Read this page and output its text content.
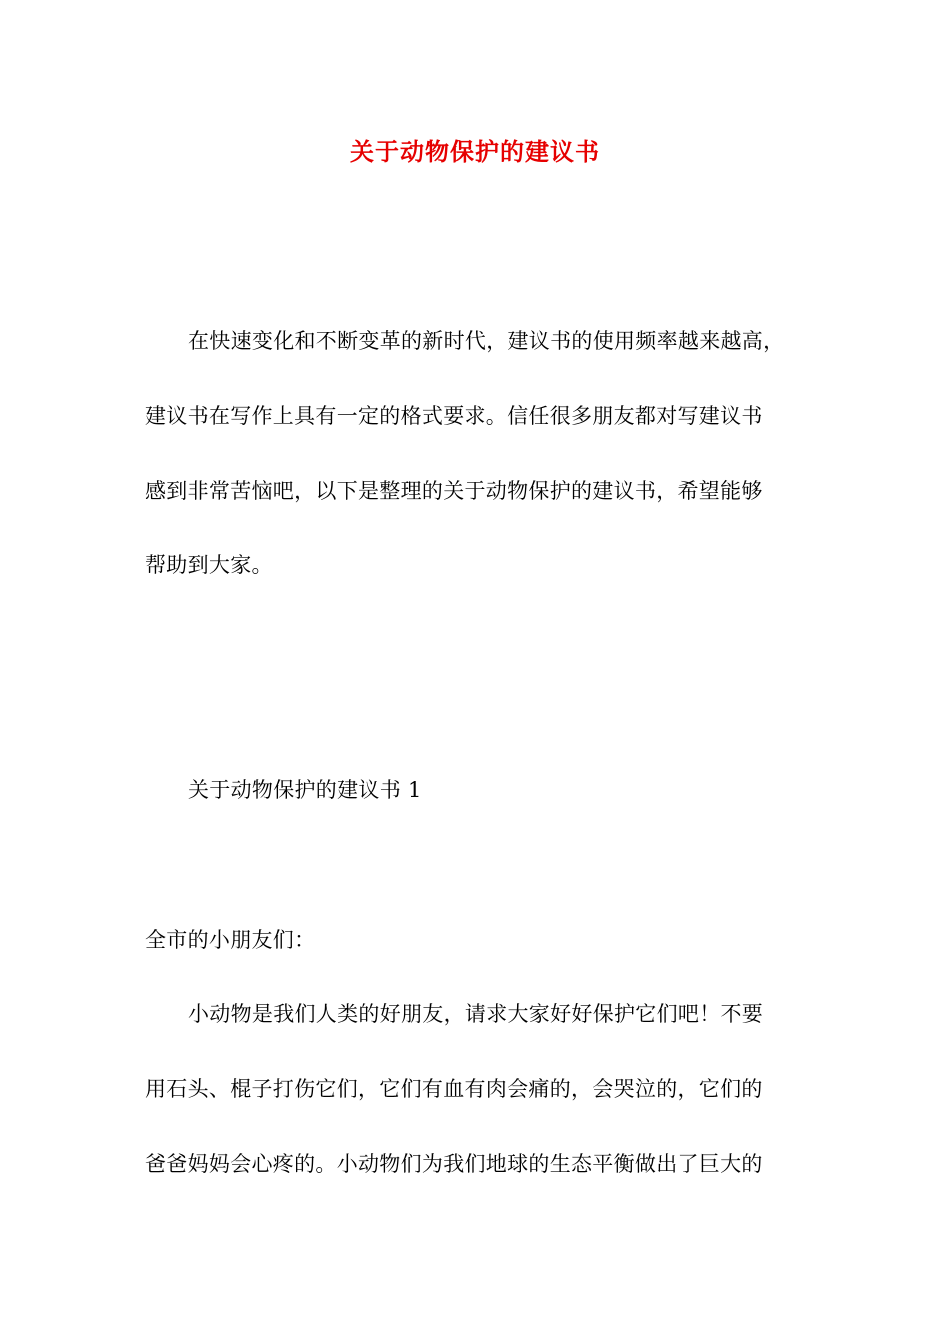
关于动物保护的建议书
在快速变化和不断变革的新时代，建议书的使用频率越来越高，
建议书在写作上具有一定的格式要求。信任很多朋友都对写建议书
感到非常苦恼吧，以下是整理的关于动物保护的建议书，希望能够
帮助到大家。
关于动物保护的建议书 1
全市的小朋友们：
小动物是我们人类的好朋友，请求大家好好保护它们吧！不要
用石头、棍子打伤它们，它们有血有肉会痛的，会哭泣的，它们的
爸爸妈妈会心疼的。小动物们为我们地球的生态平衡做出了巨大的
